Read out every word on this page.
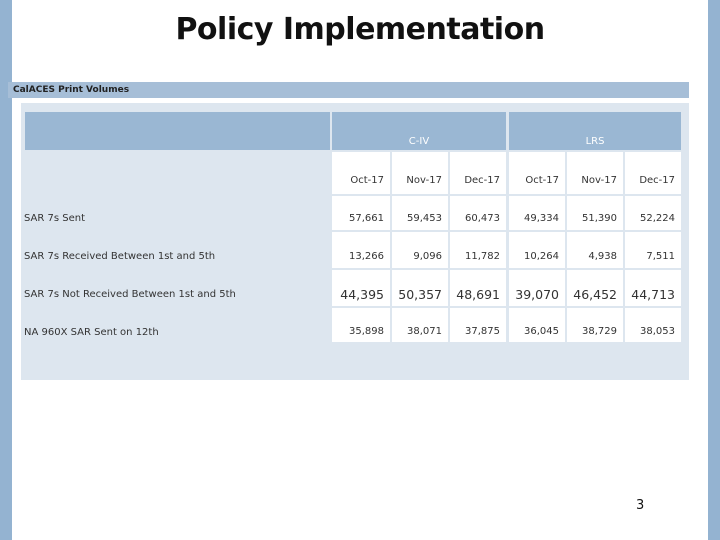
Policy Implementation
CalACES Print Volumes
C-IV	LRS
Oct-17	Nov-17	Dec-17	Oct-17	Nov-17	Dec-17
SAR 7s Sent	57,661	59,453	60,473	49,334	51,390	52,224
SAR 7s Received Between 1st and 5th	13,266	9,096	11,782	10,264	4,938	7,511
SAR 7s Not Received Between 1st and 5th	44,395	50,357	48,691	39,070	46,452	44,713
NA 960X SAR Sent on 12th	35,898	38,071	37,875	36,045	38,729	38,053
3
